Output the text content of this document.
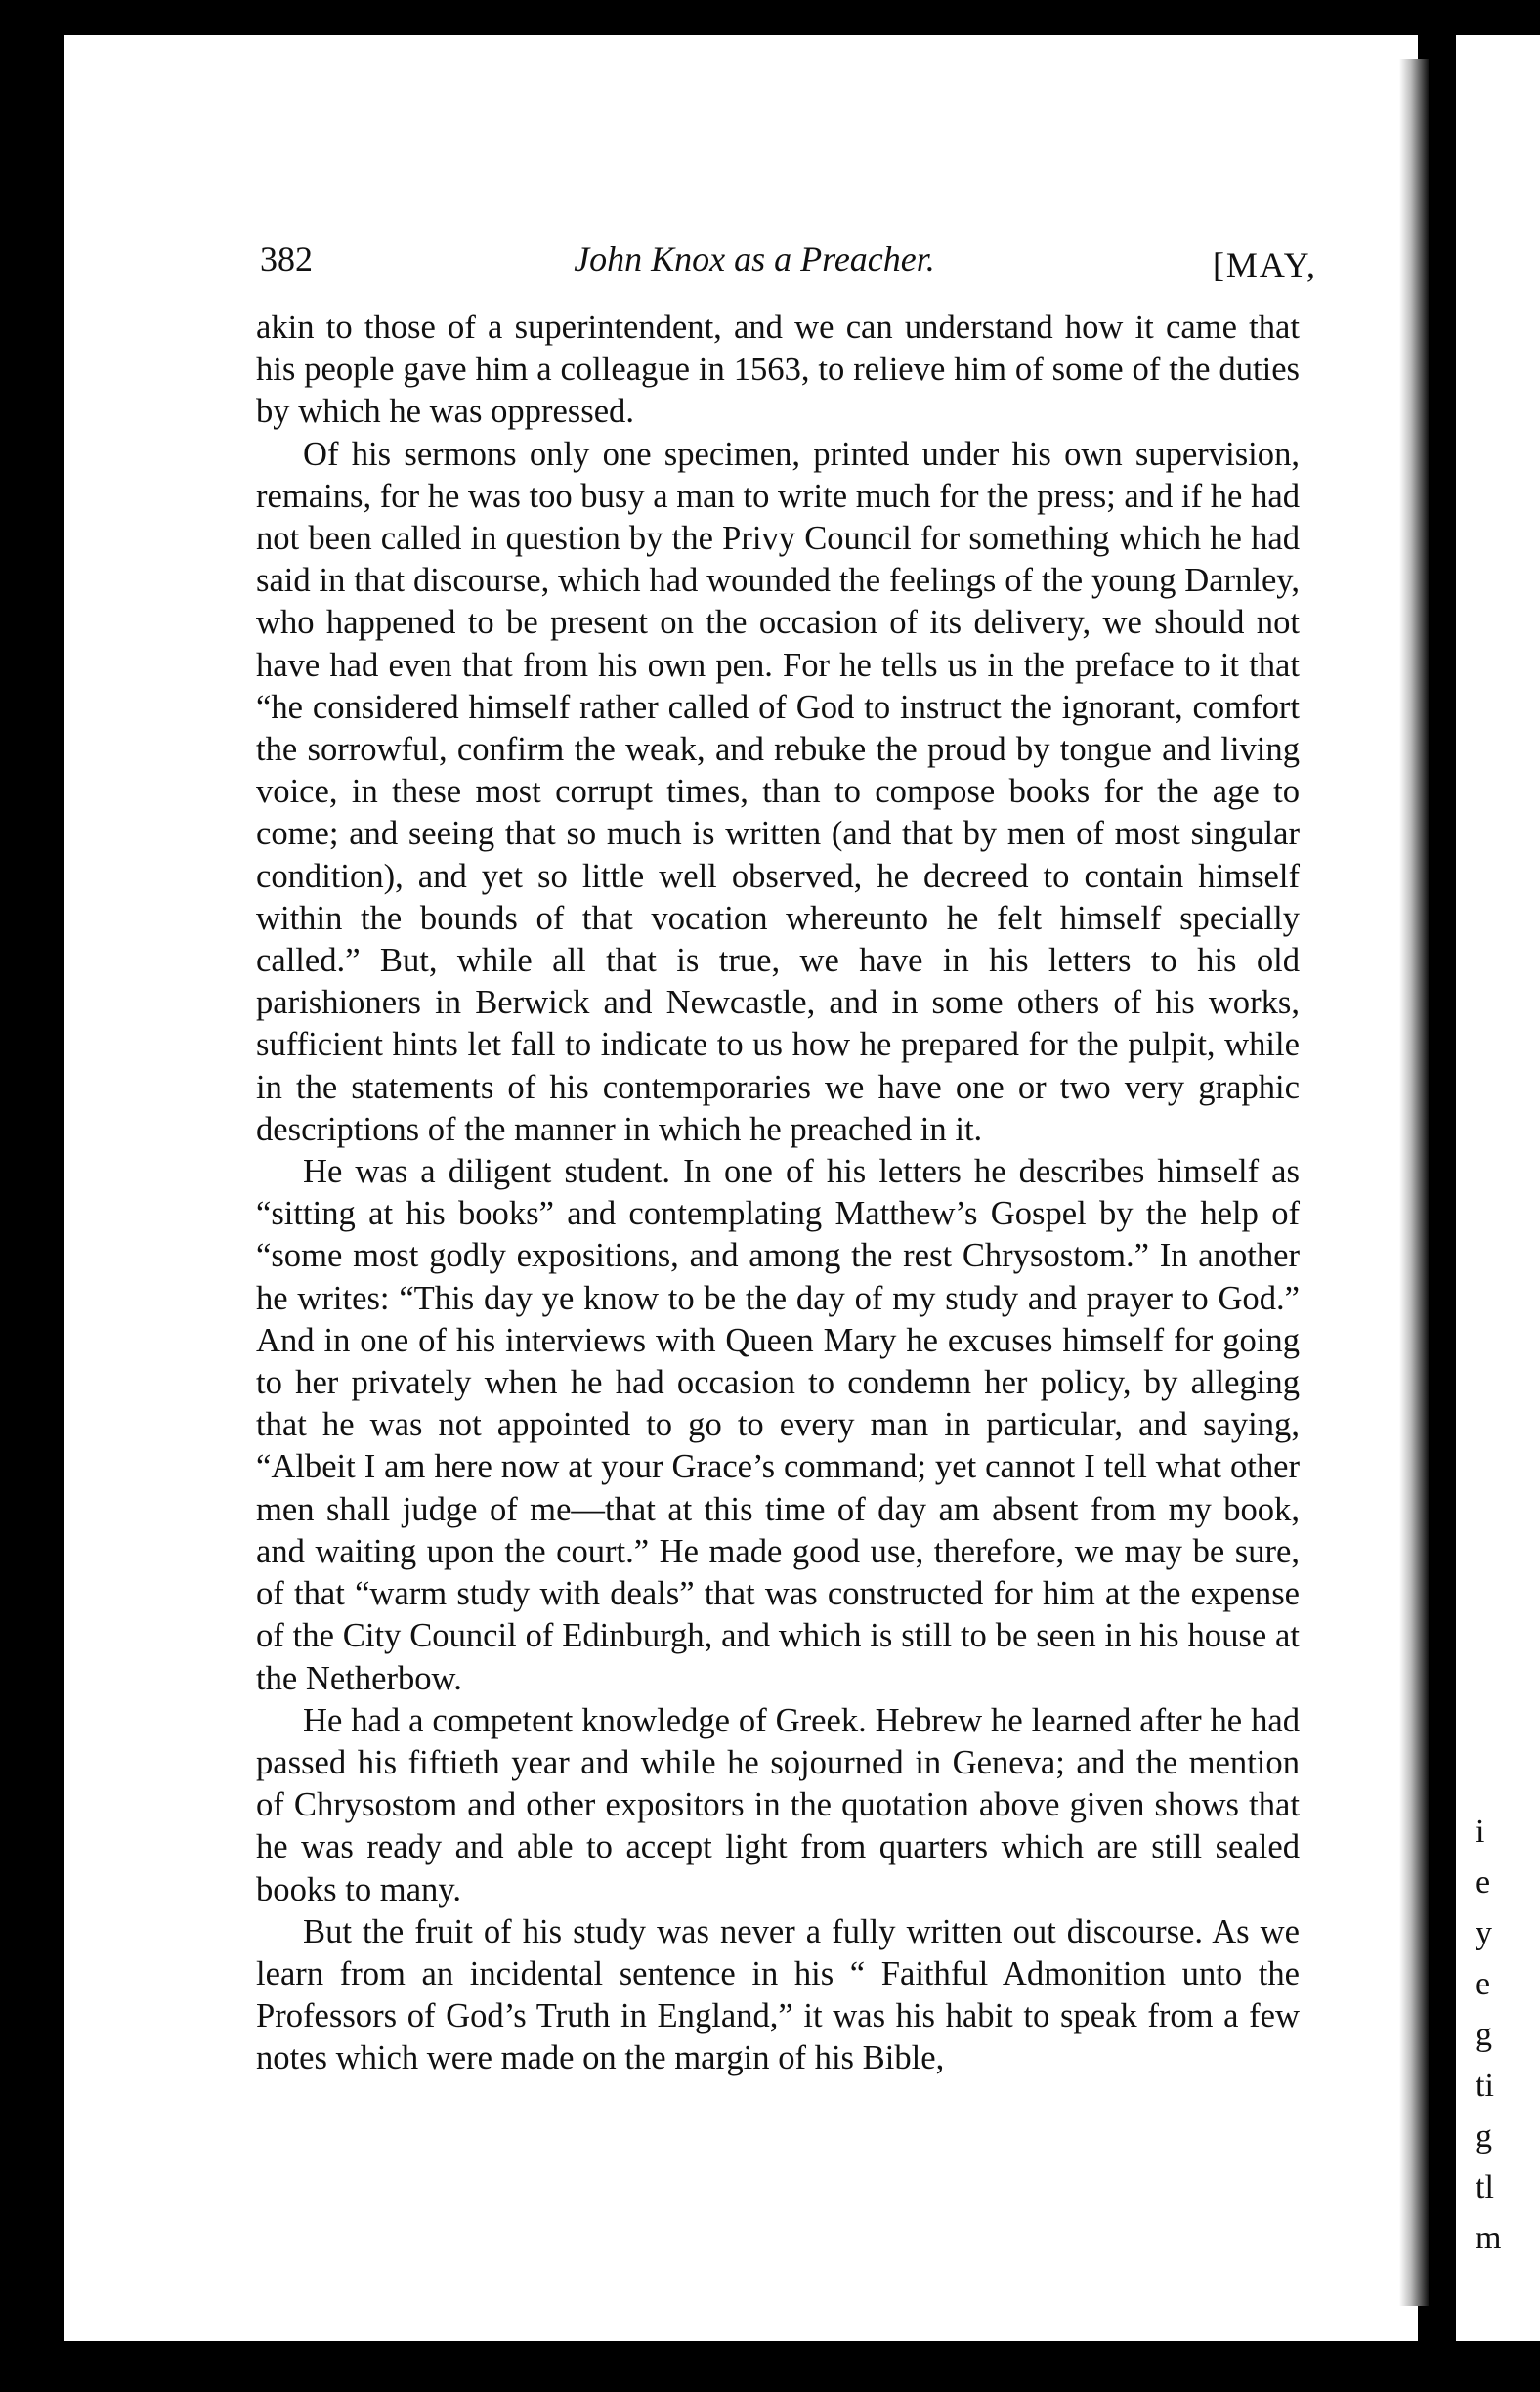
i
e
y
e
g
ti
g
tl
m
382	John Knox as a Preacher.	[MAY,

akin to those of a superintendent, and we can understand how it came that his people gave him a colleague in 1563, to relieve him of some of the duties by which he was oppressed.

Of his sermons only one specimen, printed under his own supervision, remains, for he was too busy a man to write much for the press; and if he had not been called in question by the Privy Council for something which he had said in that discourse, which had wounded the feelings of the young Darnley, who happened to be present on the occasion of its delivery, we should not have had even that from his own pen. For he tells us in the preface to it that “he considered himself rather called of God to instruct the ignorant, comfort the sorrowful, confirm the weak, and rebuke the proud by tongue and living voice, in these most corrupt times, than to compose books for the age to come; and seeing that so much is written (and that by men of most singular condition), and yet so little well observed, he decreed to contain himself within the bounds of that vocation whereunto he felt himself specially called.” But, while all that is true, we have in his letters to his old parishioners in Berwick and Newcastle, and in some others of his works, sufficient hints let fall to indicate to us how he prepared for the pulpit, while in the statements of his contemporaries we have one or two very graphic descriptions of the manner in which he preached in it.

He was a diligent student. In one of his letters he describes himself as “sitting at his books” and contemplating Matthew’s Gospel by the help of “some most godly expositions, and among the rest Chrysostom.” In another he writes: “This day ye know to be the day of my study and prayer to God.” And in one of his interviews with Queen Mary he excuses himself for going to her privately when he had occasion to condemn her policy, by alleging that he was not appointed to go to every man in particular, and saying, “Albeit I am here now at your Grace’s command; yet cannot I tell what other men shall judge of me—that at this time of day am absent from my book, and waiting upon the court.” He made good use, therefore, we may be sure, of that “warm study with deals” that was constructed for him at the expense of the City Council of Edinburgh, and which is still to be seen in his house at the Netherbow.

He had a competent knowledge of Greek. Hebrew he learned after he had passed his fiftieth year and while he sojourned in Geneva; and the mention of Chrysostom and other expositors in the quotation above given shows that he was ready and able to accept light from quarters which are still sealed books to many.

But the fruit of his study was never a fully written out discourse. As we learn from an incidental sentence in his “ Faithful Admonition unto the Professors of God’s Truth in England,” it was his habit to speak from a few notes which were made on the margin of his Bible,
